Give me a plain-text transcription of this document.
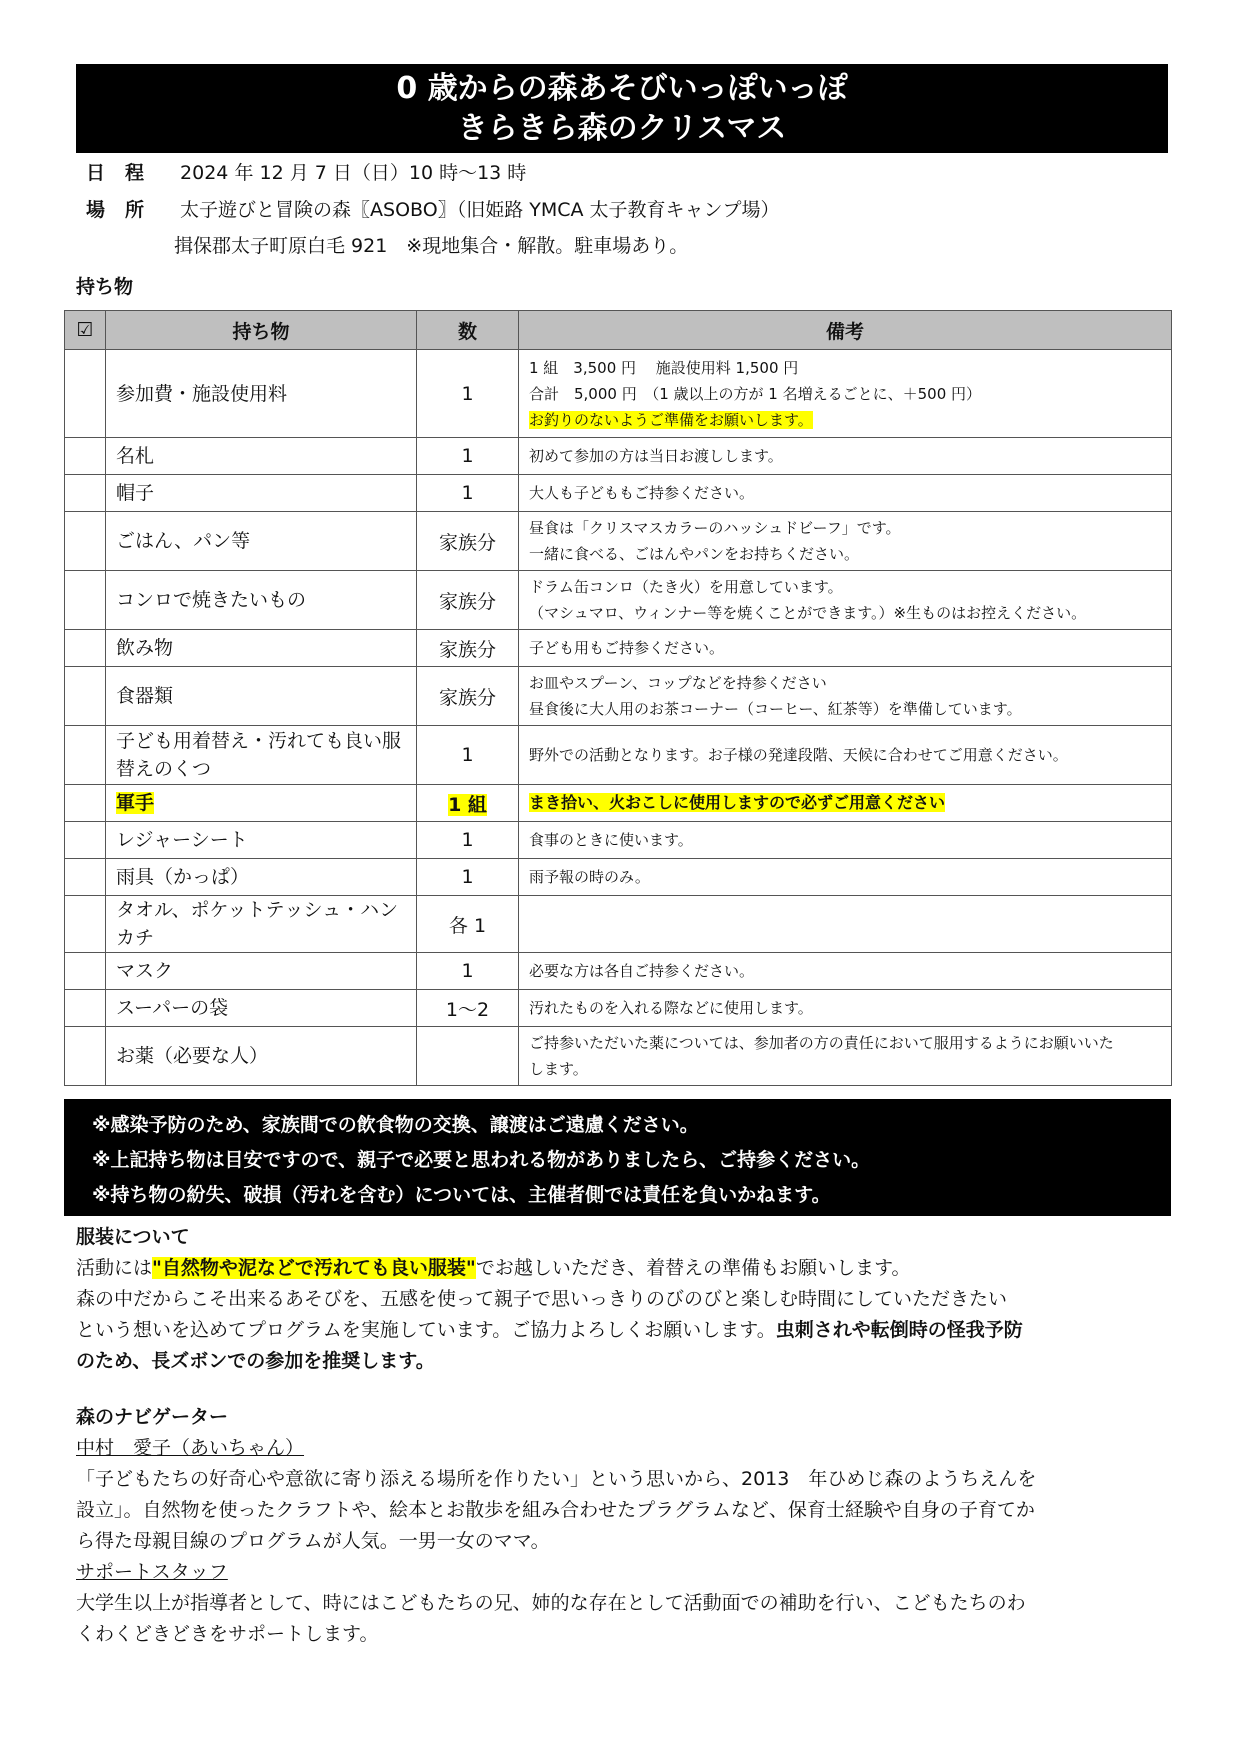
0 歳からの森あそびいっぽいっぽ
きらきら森のクリスマス
日程 2024 年 12 月 7 日（日）10 時～13 時
場所 太子遊びと冒険の森〖ASOBO〗（旧姫路 YMCA 太子教育キャンプ場）
揖保郡太子町原白毛 921　※現地集合・解散。駐車場あり。
持ち物
☑	持ち物	数	備考
	参加費・施設使用料	1	1 組　3,500 円　 施設使用料 1,500 円
合計　5,000 円　（1 歳以上の方が 1 名増えるごとに、＋500 円）
お釣りのないようご準備をお願いします。

	名札	1	初めて参加の方は当日お渡しします。

	帽子	1	大人も子どももご持参ください。

	ごはん、パン等	家族分	昼食は「クリスマスカラーのハッシュドビーフ」です。
一緒に食べる、ごはんやパンをお持ちください。

	コンロで焼きたいもの	家族分	ドラム缶コンロ（たき火）を用意しています。
（マシュマロ、ウィンナー等を焼くことができます。）※生ものはお控えください。

	飲み物	家族分	子ども用もご持参ください。

	食器類	家族分	お皿やスプーン、コップなどを持参ください
昼食後に大人用のお茶コーナー（コーヒー、紅茶等）を準備しています。

	子ども用着替え・汚れても良い服
替えのくつ	1	野外での活動となります。お子様の発達段階、天候に合わせてご用意ください。

	軍手	1 組	まき拾い、火おこしに使用しますので必ずご用意ください
	レジャーシート	1	食事のときに使います。

	雨具（かっぱ）	1	雨予報の時のみ。

	タオル、ポケットテッシュ・ハンカチ	各 1	
	マスク	1	必要な方は各自ご持参ください。

	スーパーの袋	1～2	汚れたものを入れる際などに使用します。

	お薬（必要な人）		ご持参いただいた薬については、参加者の方の責任において服用するようにお願いいた
します。
※感染予防のため、家族間での飲食物の交換、譲渡はご遠慮ください。
※上記持ち物は目安ですので、親子で必要と思われる物がありましたら、ご持参ください。
※持ち物の紛失、破損（汚れを含む）については、主催者側では責任を負いかねます。
服装について
活動には"自然物や泥などで汚れても良い服装"でお越しいただき、着替えの準備もお願いします。
森の中だからこそ出来るあそびを、五感を使って親子で思いっきりのびのびと楽しむ時間にしていただきたい
という想いを込めてプログラムを実施しています。ご協力よろしくお願いします。虫刺されや転倒時の怪我予防
のため、長ズボンでの参加を推奨します。
森のナビゲーター
中村　愛子（あいちゃん）
「子どもたちの好奇心や意欲に寄り添える場所を作りたい」という思いから、2013　年ひめじ森のようちえんを
設立」。自然物を使ったクラフトや、絵本とお散歩を組み合わせたプラグラムなど、保育士経験や自身の子育てか
ら得た母親目線のプログラムが人気。一男一女のママ。
サポートスタッフ
大学生以上が指導者として、時にはこどもたちの兄、姉的な存在として活動面での補助を行い、こどもたちのわ
くわくどきどきをサポートします。
